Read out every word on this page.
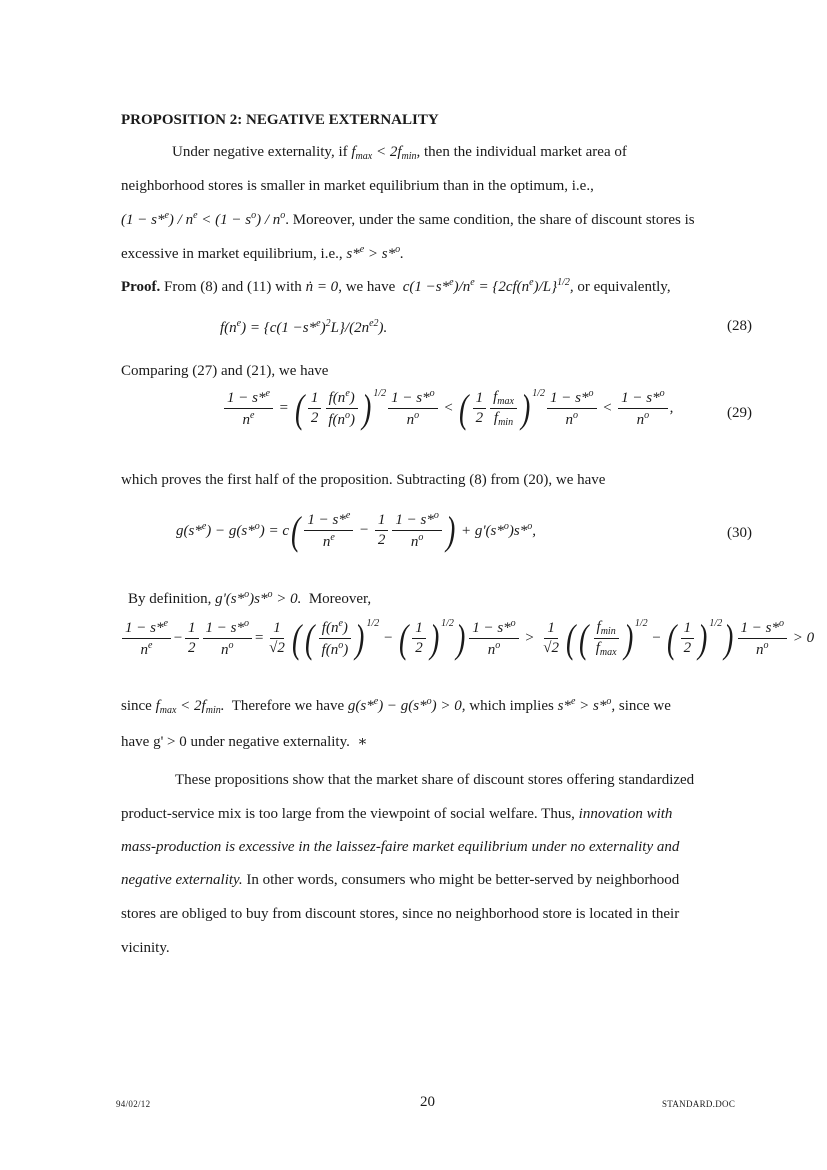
PROPOSITION 2: NEGATIVE EXTERNALITY
Under negative externality, if $f_{max} < 2f_{min}$, then the individual market area of
neighborhood stores is smaller in market equilibrium than in the optimum, i.e.,
$(1 - s*^e) / n^e < (1 - s^o) / n^o$. Moreover, under the same condition, the share of discount stores is
excessive in market equilibrium, i.e., s*$^e$ > s*$^o$.
Proof. From (8) and (11) with ṅ = 0, we have  $c(1 -s*^e)/n^e = \{2cf(n^e)/L\}^{1/2}$, or equivalently,
$f(n^e) = \{c(1 -s*^e)^2L\}/(2n^{e2})$.	(28)
Comparing (27) and (21), we have
$\frac{1 - s*^e}{n^e}$ = ( $\frac{1}{2} \frac{f(n^e)}{f(n^o)}$ ) $1/2 \frac{1 - s*^o}{n^o}$ < ( $\frac{1}{2} \frac{f_{max}}{f_{min}}$ ) $1/2 \frac{1 - s*^o}{n^o} < \frac{1 - s*^o}{n^o}$ ,	(29)
which proves the first half of the proposition. Subtracting (8) from (20), we have
g(s*$^e$) − g(s*$^o$) = c ( $\frac{1 - s*^e}{n^e} - \frac{1}{2} \frac{1 - s*^o}{n^o}$ ) + g'(s*$^o$)s*$^o$,	(30)
By definition, g'(s*$^o$)s*$^o$ > 0. Moreover,
$\frac{1 - s*^e}{n^e} - \frac{1}{2} \frac{1 - s*^o}{n^o} = \frac{1}{√2}$ ( ( $\frac{f(n^e)}{f(n^o)}$ ) 1/2
− ( $\frac{1}{2}$ ) 1/2 ) $\frac{1 - s*^o}{n^o} > \frac{1}{√2}$ ( ( $\frac{f_{min}}{f_{max}}$ ) 1/2
− ( $\frac{1}{2}$ ) 1/2 ) $\frac{1 - s*^o}{n^o} > 0$
since $f_{max} < 2f_{min}$. Therefore we have g(s*$^e$) − g(s*$^o$) > 0, which implies s*$^e$ > s*$^o$, since we
have g' > 0 under negative externality. ∗
These propositions show that the market share of discount stores offering standardized
product-service mix is too large from the viewpoint of social welfare. Thus, innovation with
mass-production is excessive in the laissez-faire market equilibrium under no externality and
negative externality. In other words, consumers who might be better-served by neighborhood
stores are obliged to buy from discount stores, since no neighborhood store is located in their
vicinity.
94/02/12	20	STANDARD.DOC
